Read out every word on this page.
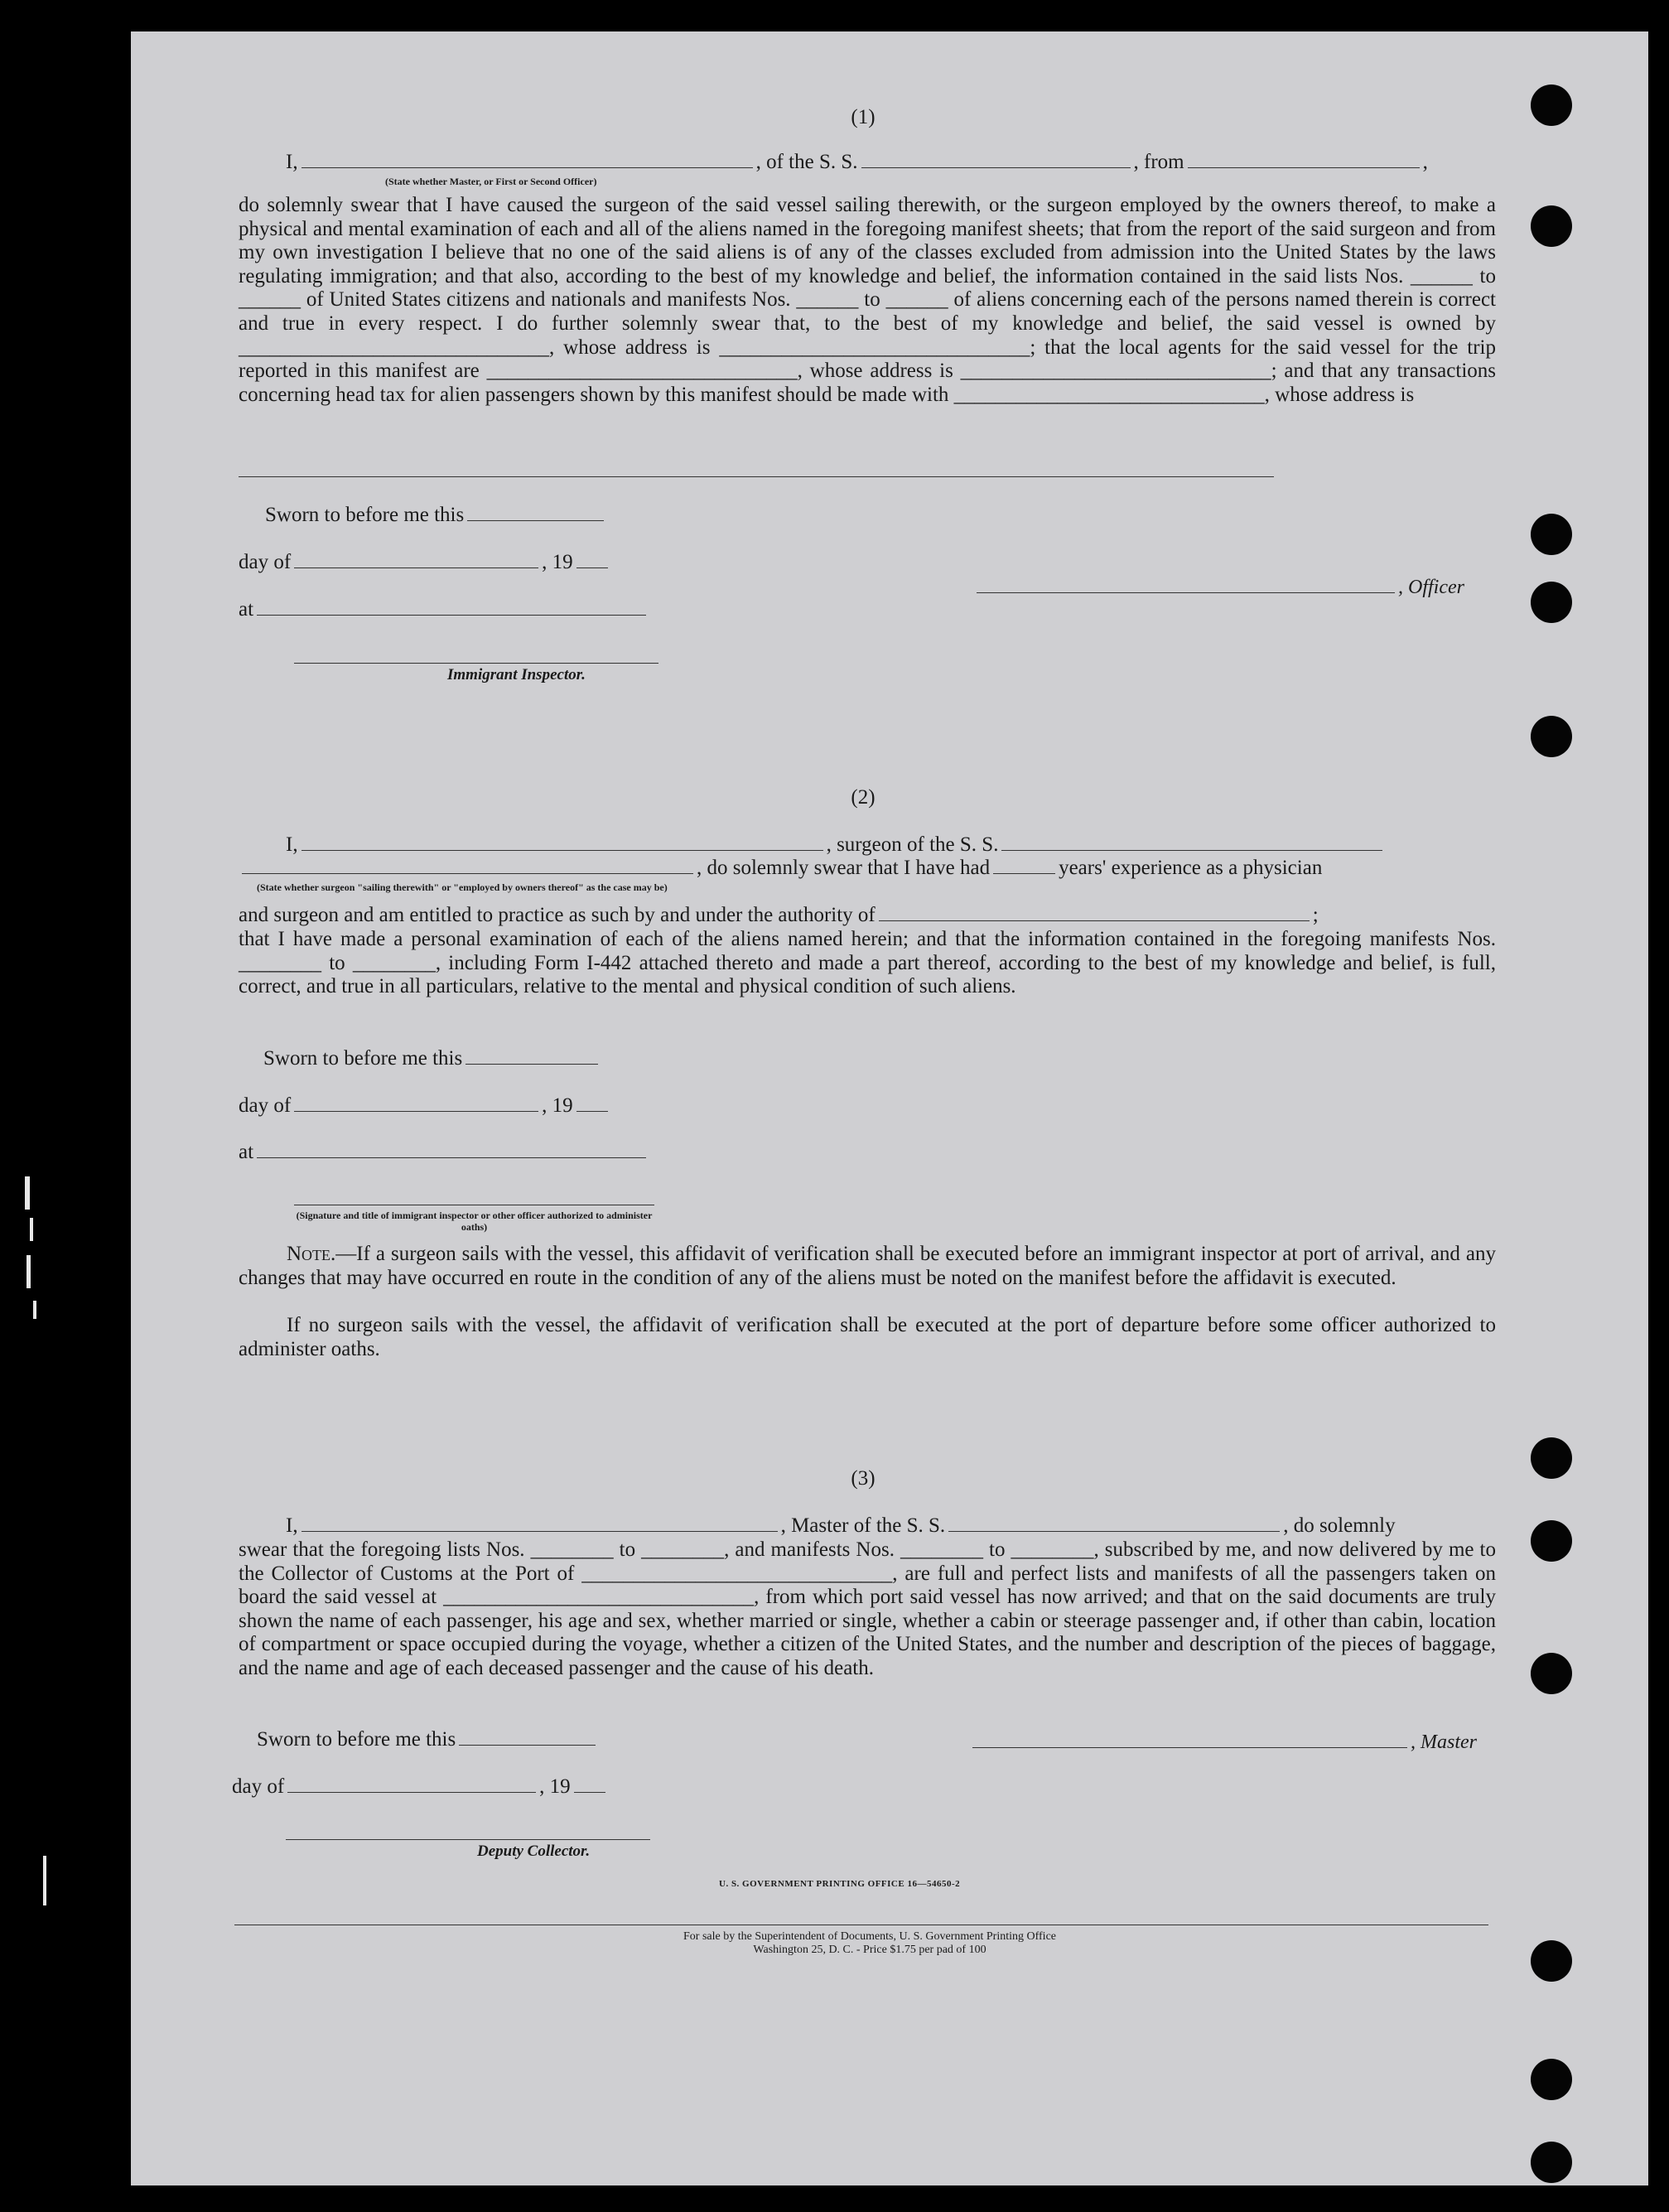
(1)
I,	, of the S. S.	, from	,
(State whether Master, or First or Second Officer)

do solemnly swear that I have caused the surgeon of the said vessel sailing therewith, or the surgeon employed by the owners thereof, to make a physical and mental examination of each and all of the aliens named in the foregoing manifest sheets; that from the report of the said surgeon and from my own investigation I believe that no one of the said aliens is of any of the classes excluded from admission into the United States by the laws regulating immigration; and that also, according to the best of my knowledge and belief, the information contained in the said lists Nos. ______ to ______ of United States citizens and nationals and manifests Nos. ______ to ______ of aliens concerning each of the persons named therein is correct and true in every respect. I do further solemnly swear that, to the best of my knowledge and belief, the said vessel is owned by ______________________________, whose address is ______________________________; that the local agents for the said vessel for the trip reported in this manifest are ______________________________, whose address is ______________________________; and that any transactions concerning head tax for alien passengers shown by this manifest should be made with ______________________________, whose address is

Sworn to before me this
day of	, 19
, Officer
at
Immigrant Inspector.
(2)
I,	, surgeon of the S. S.
, do solemnly swear that I have had	years' experience as a physician
(State whether surgeon "sailing therewith" or "employed by owners thereof" as the case may be)
and surgeon and am entitled to practice as such by and under the authority of	;

that I have made a personal examination of each of the aliens named herein; and that the information contained in the foregoing manifests Nos. ________ to ________, including Form I-442 attached thereto and made a part thereof, according to the best of my knowledge and belief, is full, correct, and true in all particulars, relative to the mental and physical condition of such aliens.

Sworn to before me this
day of	, 19
at
(Signature and title of immigrant inspector or other officer authorized to administer oaths)

Note.—If a surgeon sails with the vessel, this affidavit of verification shall be executed before an immigrant inspector at port of arrival, and any changes that may have occurred en route in the condition of any of the aliens must be noted on the manifest before the affidavit is executed.

If no surgeon sails with the vessel, the affidavit of verification shall be executed at the port of departure before some officer authorized to administer oaths.

(3)
I,	, Master of the S. S.	, do solemnly

swear that the foregoing lists Nos. ________ to ________, and manifests Nos. ________ to ________, subscribed by me, and now delivered by me to the Collector of Customs at the Port of ______________________________, are full and perfect lists and manifests of all the passengers taken on board the said vessel at ______________________________, from which port said vessel has now arrived; and that on the said documents are truly shown the name of each passenger, his age and sex, whether married or single, whether a cabin or steerage passenger and, if other than cabin, location of compartment or space occupied during the voyage, whether a citizen of the United States, and the number and description of the pieces of baggage, and the name and age of each deceased passenger and the cause of his death.

Sworn to before me this	, Master
day of	, 19
Deputy Collector.
U. S. GOVERNMENT PRINTING OFFICE 16—54650-2
For sale by the Superintendent of Documents, U. S. Government Printing Office
Washington 25, D. C. - Price $1.75 per pad of 100
